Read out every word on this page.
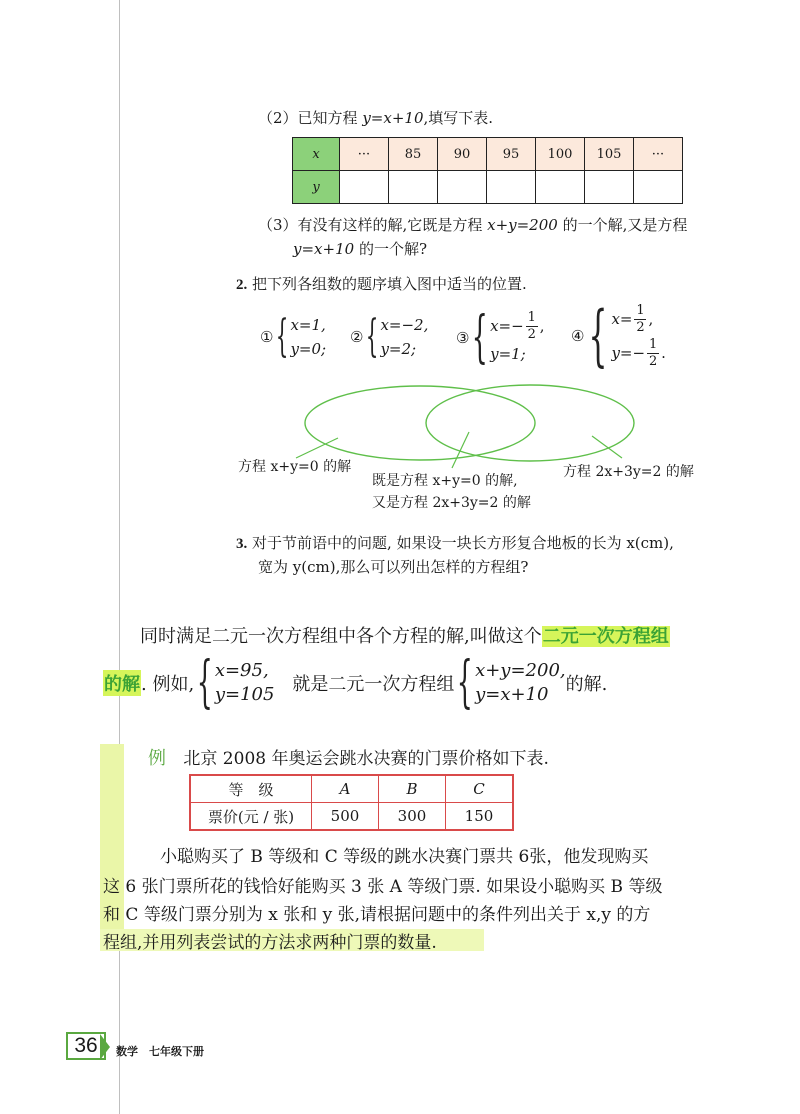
（2）已知方程 y=x+10,填写下表.
x	···	85	90	95	100	105	···
y							
（3）有没有这样的解,它既是方程 x+y=200 的一个解,又是方程
y=x+10 的一个解?
2. 把下列各组数的题序填入图中适当的位置.
① { x=1,
y=0;
② { x=−2,
y=2;
③ { $x=- \frac{1}{2}$ ,
y=1;
④ { $x= \frac{1}{2}$ ,
$y=- \frac{1}{2}$ .
方程 x+y=0 的解
既是方程 x+y=0 的解,
又是方程 2x+3y=2 的解
方程 2x+3y=2 的解
3. 对于节前语中的问题, 如果设一块长方形复合地板的长为 x(cm),
宽为 y(cm),那么可以列出怎样的方程组?
同时满足二元一次方程组中各个方程的解,叫做这个二元一次方程组
的解 . 例如, { x=95,
y=105 就是二元一次方程组 { x+y=200,
y=x+10 的解.
例 北京 2008 年奥运会跳水决赛的门票价格如下表.
等　级	A	B	C
票价(元 / 张)	500	300	150
小聪购买了 B 等级和 C 等级的跳水决赛门票共 6张，他发现购买
这 6 张门票所花的钱恰好能购买 3 张 A 等级门票. 如果设小聪购买 B 等级
和 C 等级门票分别为 x 张和 y 张,请根据问题中的条件列出关于 x,y 的方
程组,并用列表尝试的方法求两种门票的数量.
36	数学　七年级下册
